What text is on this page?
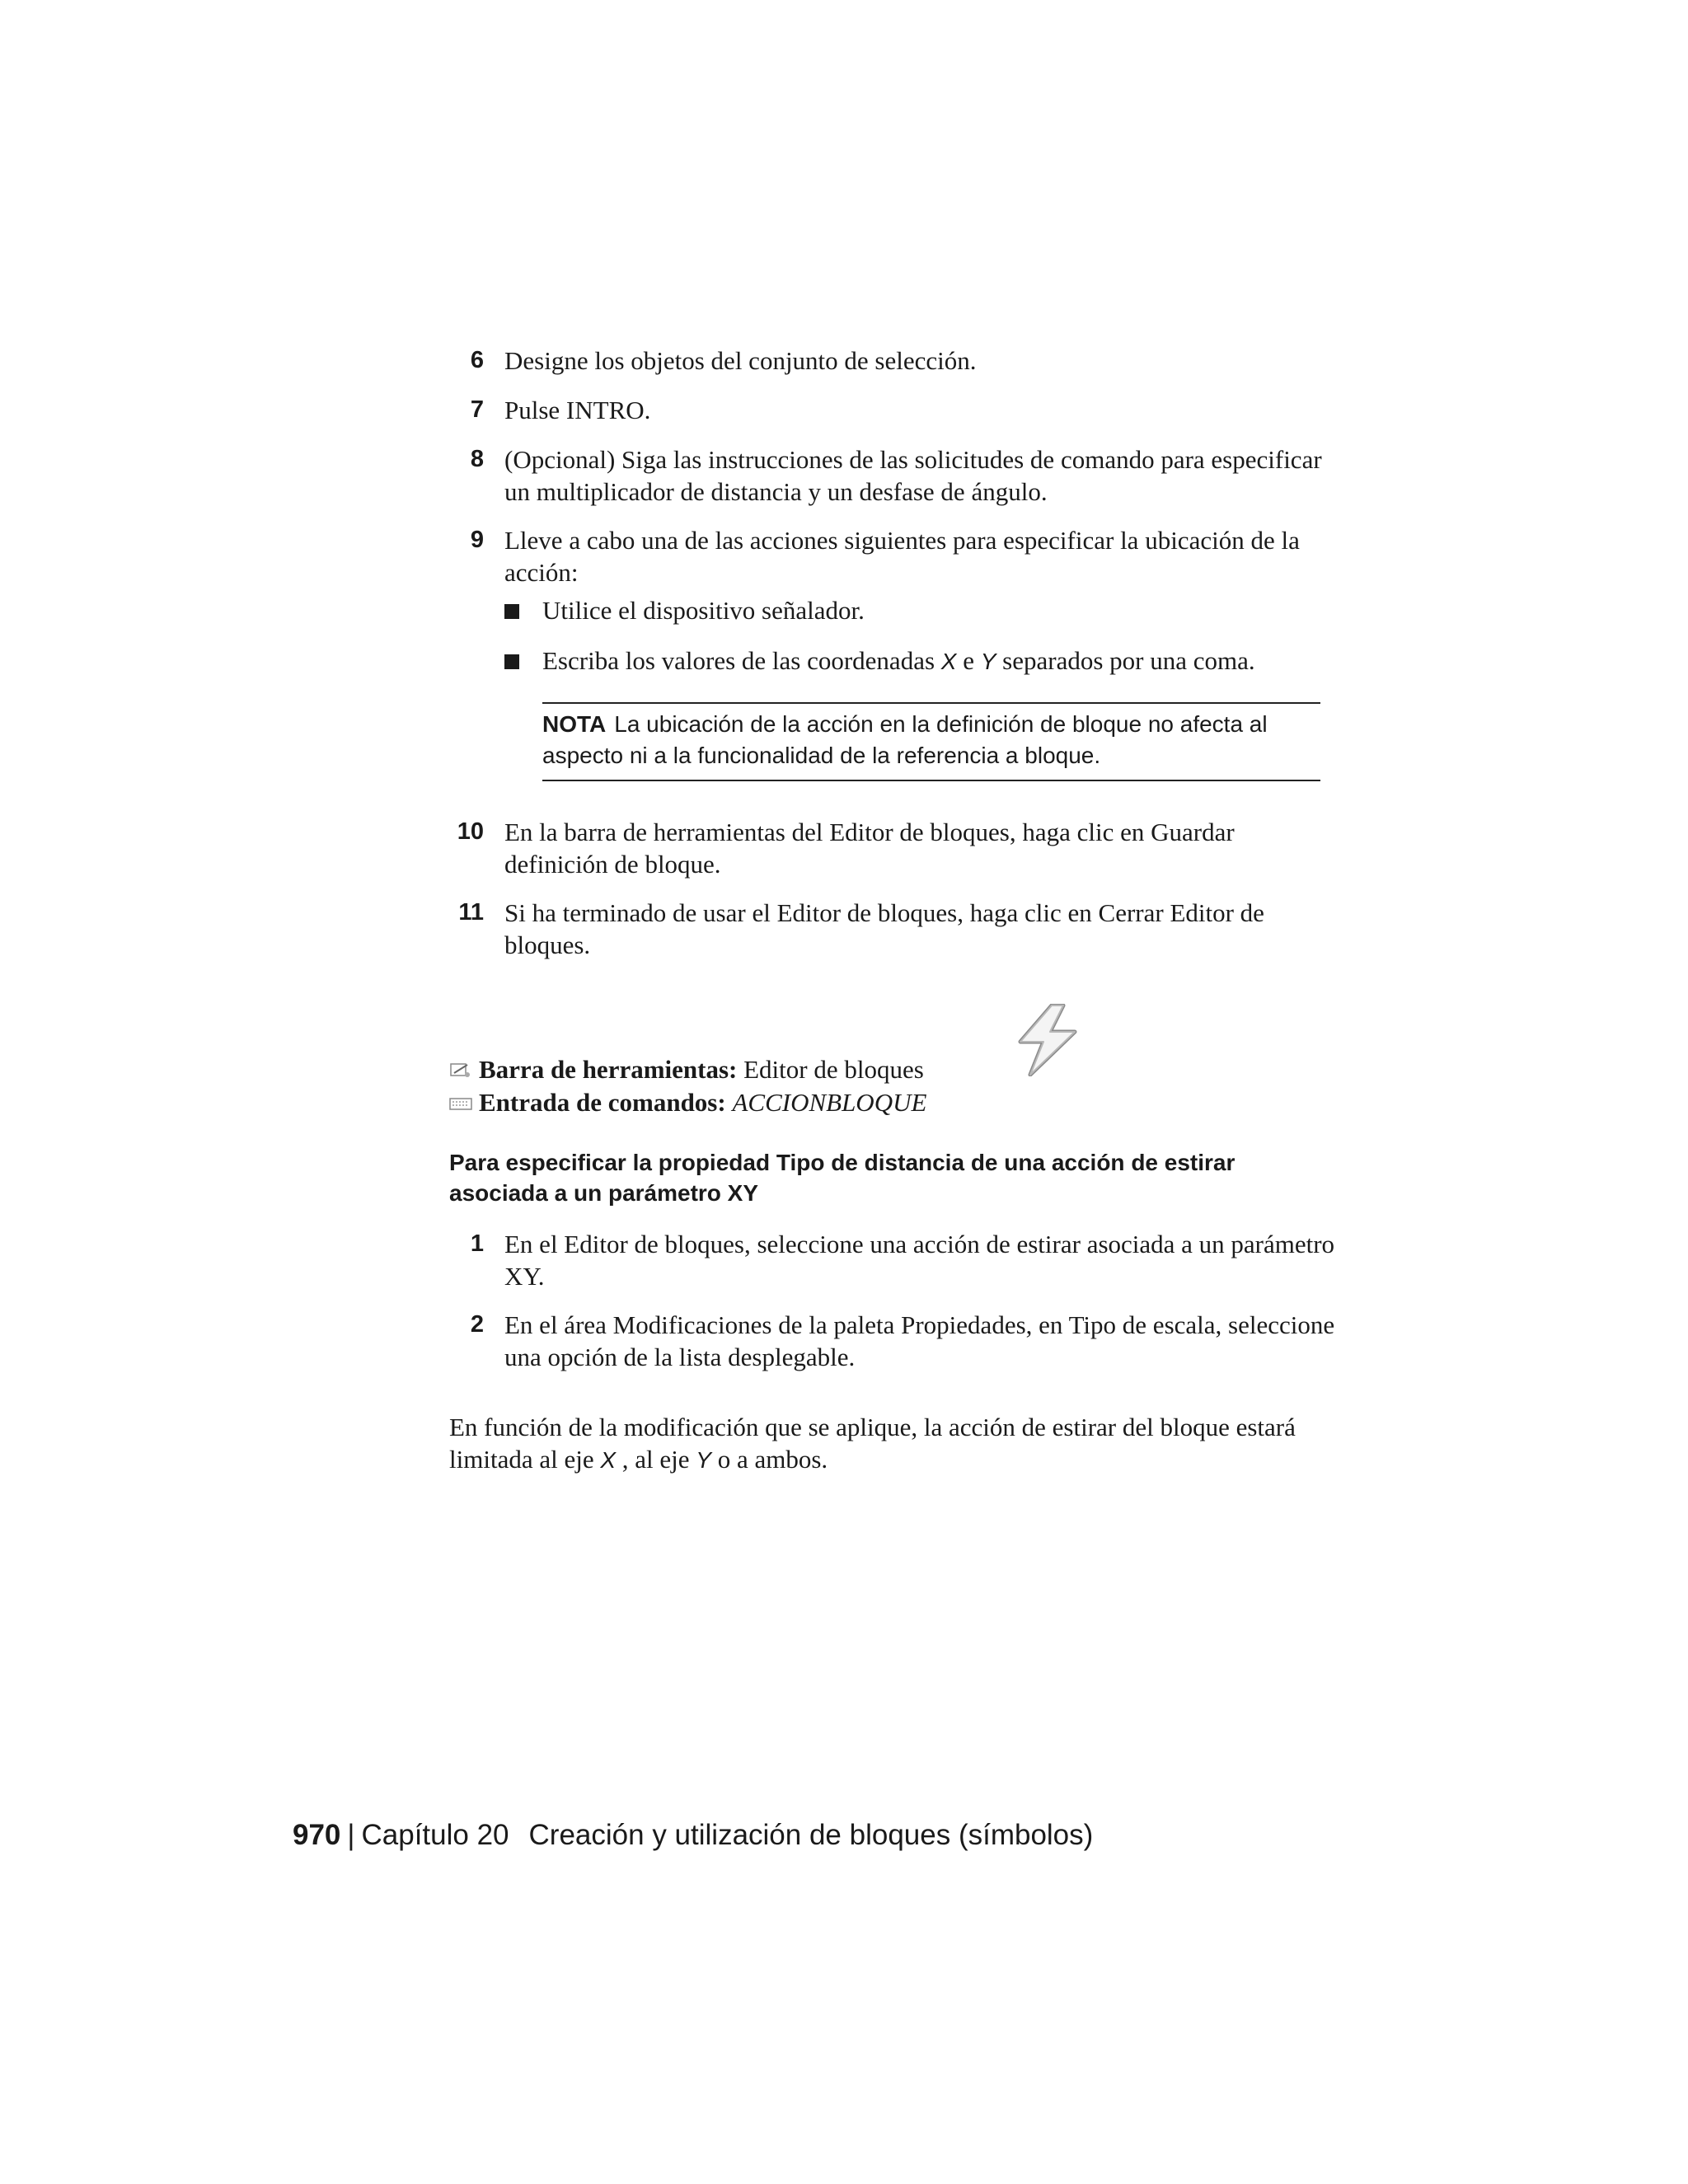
6 Designe los objetos del conjunto de selección.
7 Pulse INTRO.
8 (Opcional) Siga las instrucciones de las solicitudes de comando para especificar un multiplicador de distancia y un desfase de ángulo.
9 Lleve a cabo una de las acciones siguientes para especificar la ubicación de la acción:
Utilice el dispositivo señalador.
Escriba los valores de las coordenadas X e Y separados por una coma.
NOTA La ubicación de la acción en la definición de bloque no afecta al aspecto ni a la funcionalidad de la referencia a bloque.
10 En la barra de herramientas del Editor de bloques, haga clic en Guardar definición de bloque.
11 Si ha terminado de usar el Editor de bloques, haga clic en Cerrar Editor de bloques.
Barra de herramientas: Editor de bloques
Entrada de comandos: ACCIONBLOQUE
Para especificar la propiedad Tipo de distancia de una acción de estirar asociada a un parámetro XY
1 En el Editor de bloques, seleccione una acción de estirar asociada a un parámetro XY.
2 En el área Modificaciones de la paleta Propiedades, en Tipo de escala, seleccione una opción de la lista desplegable.
En función de la modificación que se aplique, la acción de estirar del bloque estará limitada al eje X , al eje Y o a ambos.
970 | Capítulo 20 Creación y utilización de bloques (símbolos)
